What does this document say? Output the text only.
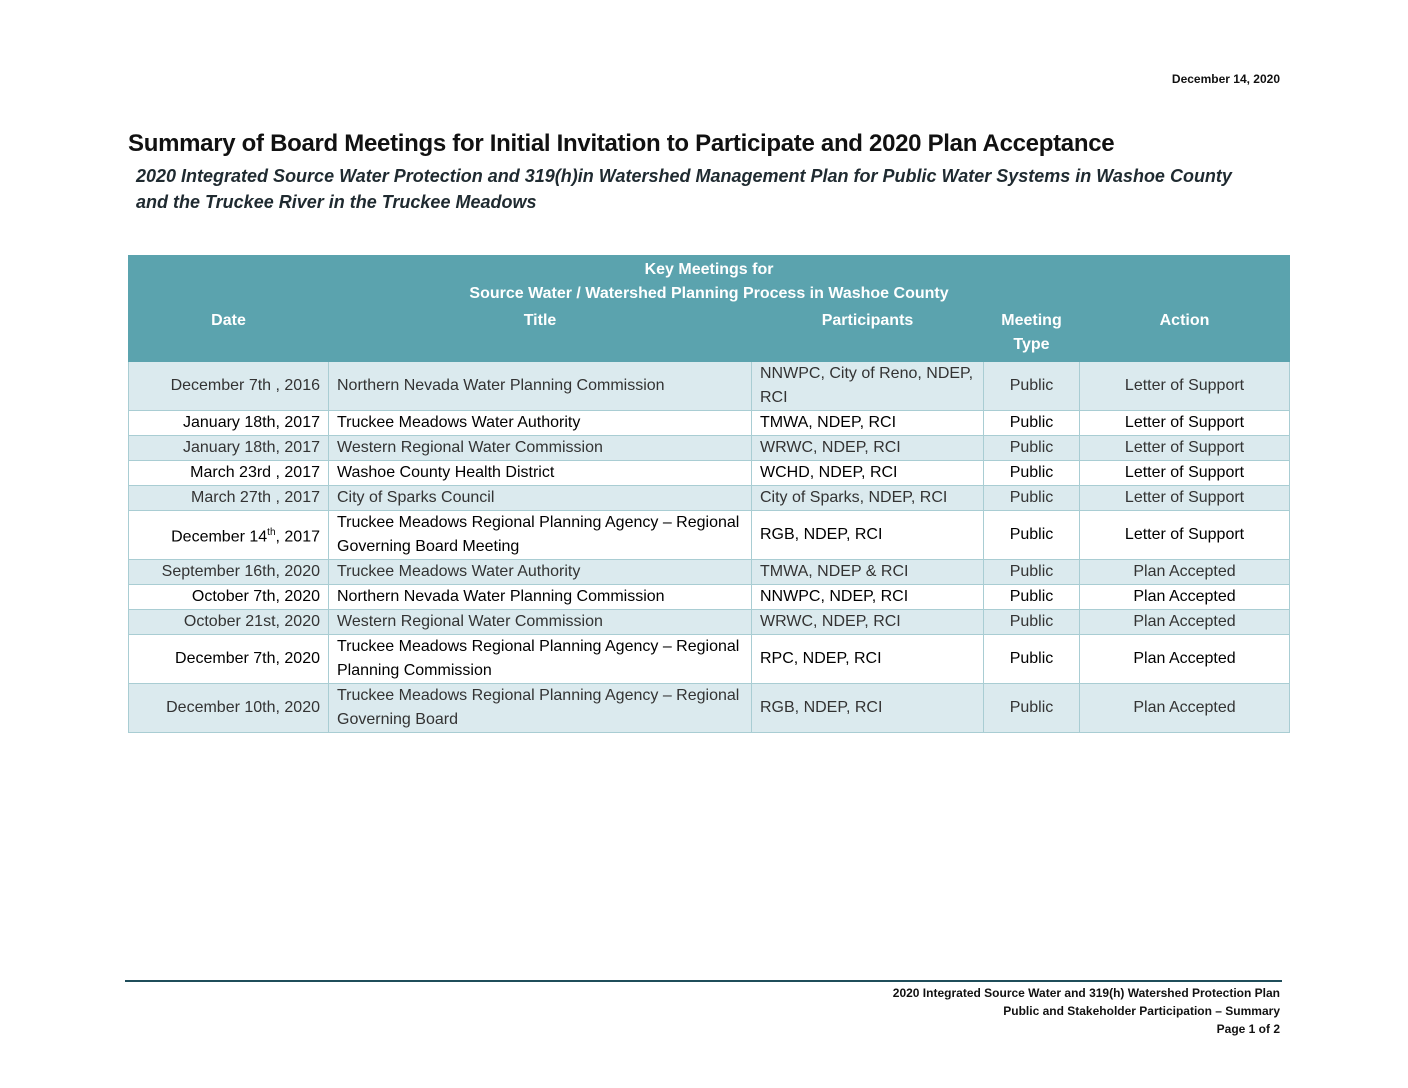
December 14, 2020
Summary of Board Meetings for Initial Invitation to Participate and 2020 Plan Acceptance

2020 Integrated Source Water Protection and 319(h)in Watershed Management Plan for Public Water Systems in Washoe County and the Truckee River in the Truckee Meadows

Key Meetings for
Source Water / Watershed Planning Process in Washoe County				

Date	Title	Participants	Meeting Type	Action
December 7th , 2016	Northern Nevada Water Planning Commission	NNWPC, City of Reno, NDEP, RCI	Public	Letter of Support
January 18th, 2017	Truckee Meadows Water Authority	TMWA, NDEP, RCI	Public	Letter of Support
January 18th, 2017	Western Regional Water Commission	WRWC, NDEP, RCI	Public	Letter of Support
March 23rd , 2017	Washoe County Health District	WCHD, NDEP, RCI	Public	Letter of Support
March 27th , 2017	City of Sparks Council	City of Sparks, NDEP, RCI	Public	Letter of Support
December 14th, 2017	Truckee Meadows Regional Planning Agency – Regional Governing Board Meeting	RGB, NDEP, RCI	Public	Letter of Support
September 16th, 2020	Truckee Meadows Water Authority	TMWA, NDEP & RCI	Public	Plan Accepted
October 7th, 2020	Northern Nevada Water Planning Commission	NNWPC, NDEP, RCI	Public	Plan Accepted
October 21st, 2020	Western Regional Water Commission	WRWC, NDEP, RCI	Public	Plan Accepted
December 7th, 2020	Truckee Meadows Regional Planning Agency – Regional Planning Commission	RPC, NDEP, RCI	Public	Plan Accepted
December 10th, 2020	Truckee Meadows Regional Planning Agency – Regional Governing Board	RGB, NDEP, RCI	Public	Plan Accepted
2020 Integrated Source Water and 319(h) Watershed Protection Plan
Public and Stakeholder Participation – Summary
Page 1 of 2
